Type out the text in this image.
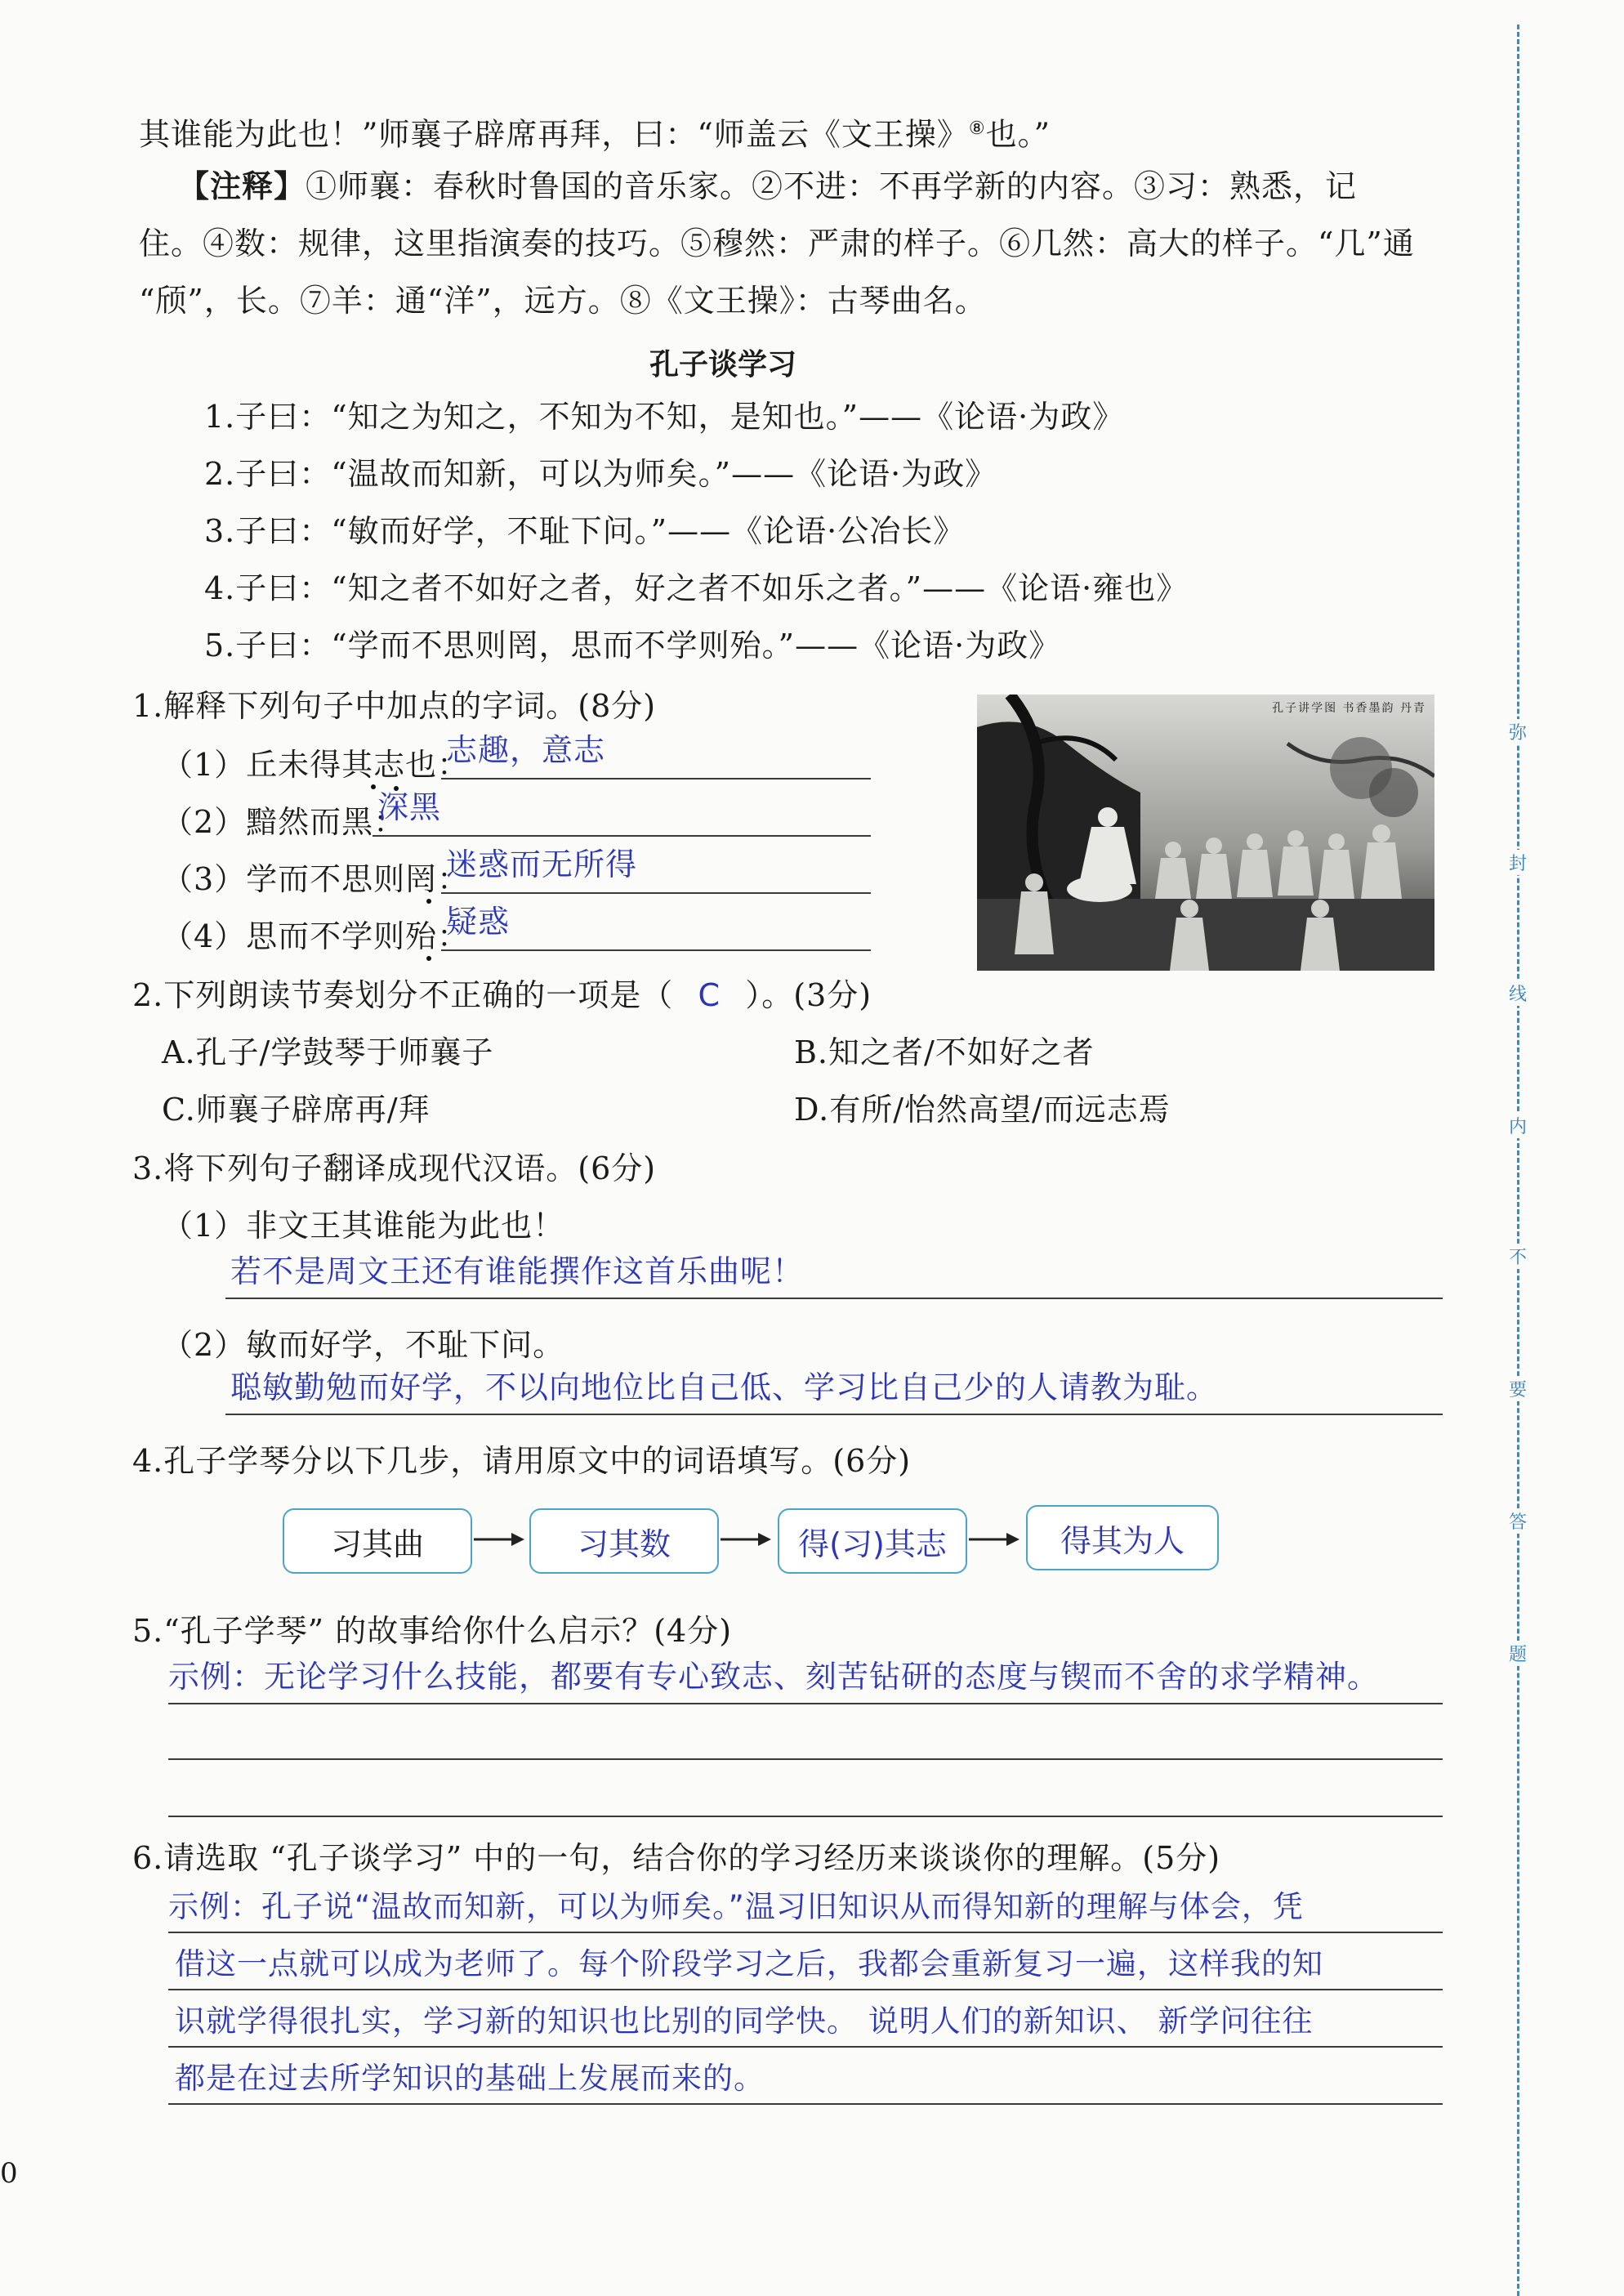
其谁能为此也！”师襄子辟席再拜，曰：“师盖云《文王操》⑧也。”
【注释】①师襄：春秋时鲁国的音乐家。②不进：不再学新的内容。③习：熟悉，记
住。④数：规律，这里指演奏的技巧。⑤穆然：严肃的样子。⑥几然：高大的样子。“几”通
“颀”，长。⑦羊：通“洋”，远方。⑧《文王操》：古琴曲名。
孔子谈学习
1.子曰：“知之为知之，不知为不知，是知也。”——《论语·为政》
2.子曰：“温故而知新，可以为师矣。”——《论语·为政》
3.子曰：“敏而好学，不耻下问。”——《论语·公冶长》
4.子曰：“知之者不如好之者，好之者不如乐之者。”——《论语·雍也》
5.子曰：“学而不思则罔，思而不学则殆。”——《论语·为政》
1.解释下列句子中加点的字词。(8分)
（1）丘未得其志也：
志趣，意志
（2）黯然而黑：
深黑
（3）学而不思则罔：
迷惑而无所得
（4）思而不学则殆：
疑惑
孔子讲学图 书香墨韵 丹青
2.下列朗读节奏划分不正确的一项是（ C ）。(3分)
A.孔子/学鼓琴于师襄子	B.知之者/不如好之者
C.师襄子辟席再/拜	D.有所/怡然高望/而远志焉
3.将下列句子翻译成现代汉语。(6分)
（1）非文王其谁能为此也！
若不是周文王还有谁能撰作这首乐曲呢！
（2）敏而好学，不耻下问。
聪敏勤勉而好学，不以向地位比自己低、学习比自己少的人请教为耻。
4.孔子学琴分以下几步，请用原文中的词语填写。(6分)
习其曲	习其数	得(习)其志	得其为人
5.“孔子学琴” 的故事给你什么启示？(4分)
示例：无论学习什么技能，都要有专心致志、刻苦钻研的态度与锲而不舍的求学精神。
6.请选取 “孔子谈学习” 中的一句，结合你的学习经历来谈谈你的理解。(5分)
示例：孔子说“温故而知新，可以为师矣。”温习旧知识从而得知新的理解与体会，凭
借这一点就可以成为老师了。每个阶段学习之后，我都会重新复习一遍，这样我的知
识就学得很扎实，学习新的知识也比别的同学快。 说明人们的新知识、 新学问往往
都是在过去所学知识的基础上发展而来的。
0
弥
封
线
内
不
要
答
题
